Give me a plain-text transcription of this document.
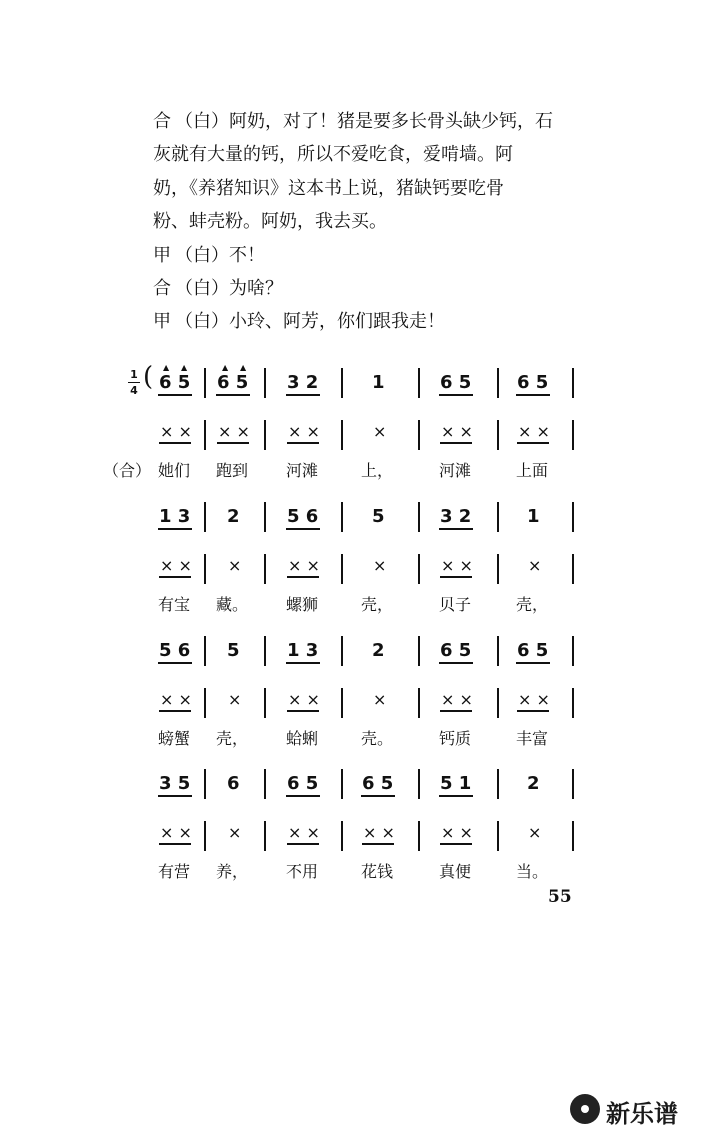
合 （白）阿奶，对了！猪是要多长骨头缺少钙，石
灰就有大量的钙，所以不爱吃食，爱啃墙。阿
奶，《养猪知识》这本书上说，猪缺钙要吃骨
粉、蚌壳粉。阿奶，我去买。
甲 （白）不！
合 （白）为啥？
甲 （白）小玲、阿芳，你们跟我走！
1
4 ( ▲ ▲	▲ ▲
6 5
× ×
她们
6 5
× ×
跑到
3 2
× ×
河滩
1
×
上，
6 5
× ×
河滩
6 5
× ×
上面
（合）
1 3
× ×
有宝
2
×
藏。
5 6
× ×
螺狮
5
×
壳，
3 2
× ×
贝子
1
×
壳，
5 6
× ×
螃蟹
5
×
壳，
1 3
× ×
蛤蜊
2
×
壳。
6 5
× ×
钙质
6 5
× ×
丰富
3 5
× ×
有营
6
×
养，
6 5
× ×
不用
6 5
× ×
花钱
5 1
× ×
真便
2
×
当。
55
新乐谱
